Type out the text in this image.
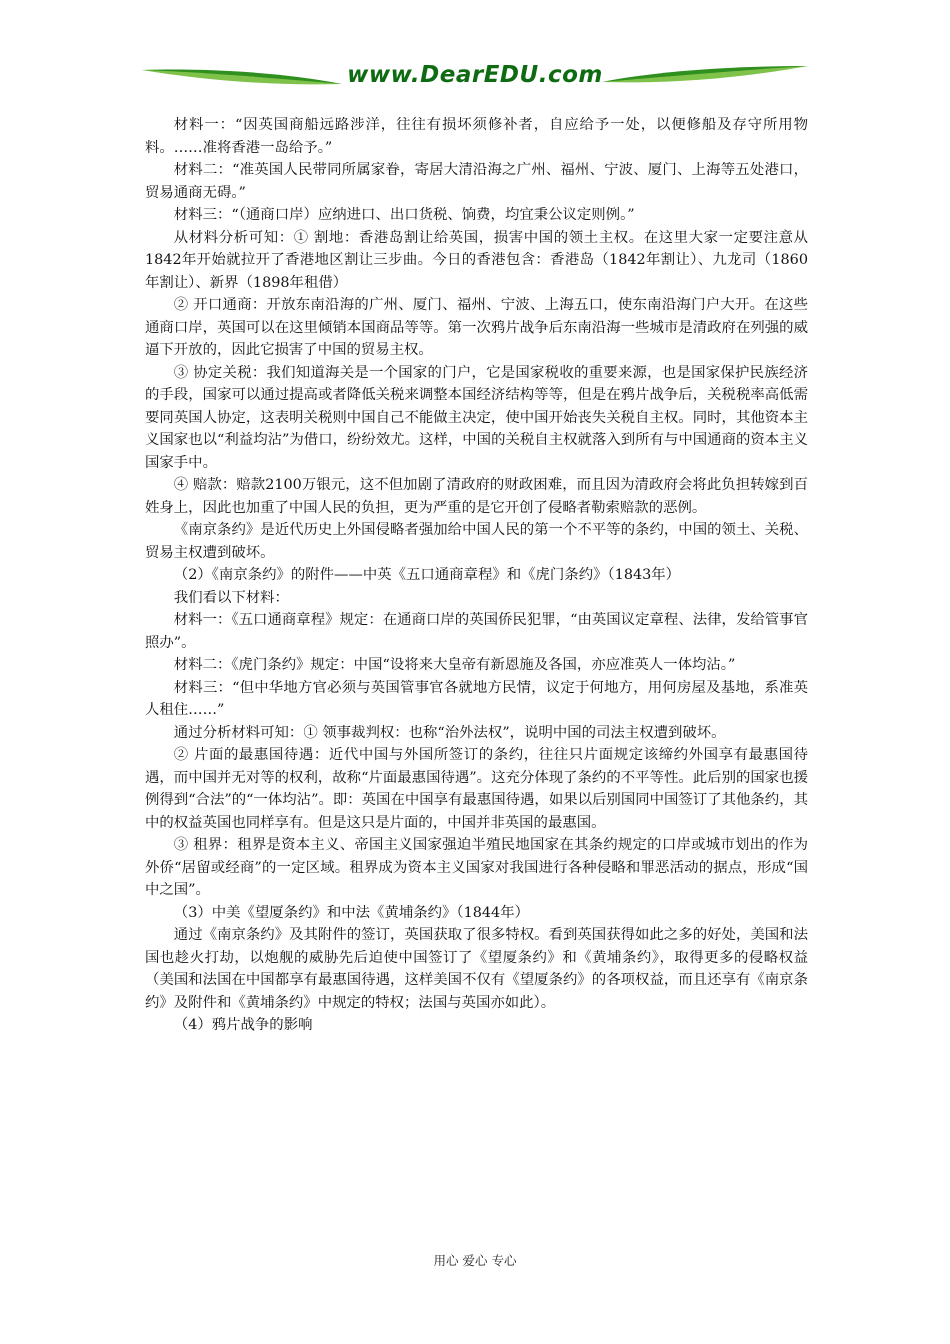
www.DearEDU.com

材料一：“因英国商船远路涉洋，往往有损坏须修补者，自应给予一处，以便修船及存守所用物料。……准将香港一岛给予。”

材料二：“准英国人民带同所属家眷，寄居大清沿海之广州、福州、宁波、厦门、上海等五处港口，贸易通商无碍。”

材料三：“（通商口岸）应纳进口、出口货税、饷费，均宜秉公议定则例。”

从材料分析可知：① 割地：香港岛割让给英国，损害中国的领土主权。在这里大家一定要注意从1842年开始就拉开了香港地区割让三步曲。今日的香港包含：香港岛（1842年割让）、九龙司（1860年割让）、新界（1898年租借）

② 开口通商：开放东南沿海的广州、厦门、福州、宁波、上海五口，使东南沿海门户大开。在这些通商口岸，英国可以在这里倾销本国商品等等。第一次鸦片战争后东南沿海一些城市是清政府在列强的威逼下开放的，因此它损害了中国的贸易主权。

③ 协定关税：我们知道海关是一个国家的门户，它是国家税收的重要来源，也是国家保护民族经济的手段，国家可以通过提高或者降低关税来调整本国经济结构等等，但是在鸦片战争后，关税税率高低需要同英国人协定，这表明关税则中国自己不能做主决定，使中国开始丧失关税自主权。同时，其他资本主义国家也以“利益均沾”为借口，纷纷效尤。这样，中国的关税自主权就落入到所有与中国通商的资本主义国家手中。

④ 赔款：赔款2100万银元，这不但加剧了清政府的财政困难，而且因为清政府会将此负担转嫁到百姓身上，因此也加重了中国人民的负担，更为严重的是它开创了侵略者勒索赔款的恶例。

《南京条约》是近代历史上外国侵略者强加给中国人民的第一个不平等的条约，中国的领土、关税、贸易主权遭到破坏。

（2）《南京条约》的附件——中英《五口通商章程》和《虎门条约》（1843年）

我们看以下材料：

材料一：《五口通商章程》规定：在通商口岸的英国侨民犯罪，“由英国议定章程、法律，发给管事官照办”。

材料二：《虎门条约》规定：中国“设将来大皇帝有新恩施及各国，亦应准英人一体均沾。”

材料三：“但中华地方官必须与英国管事官各就地方民情，议定于何地方，用何房屋及基地，系准英人租住……”

通过分析材料可知：① 领事裁判权：也称“治外法权”，说明中国的司法主权遭到破坏。

② 片面的最惠国待遇：近代中国与外国所签订的条约，往往只片面规定该缔约外国享有最惠国待遇，而中国并无对等的权利，故称“片面最惠国待遇”。这充分体现了条约的不平等性。此后别的国家也援例得到“合法”的“一体均沾”。即：英国在中国享有最惠国待遇，如果以后别国同中国签订了其他条约，其中的权益英国也同样享有。但是这只是片面的，中国并非英国的最惠国。

③ 租界：租界是资本主义、帝国主义国家强迫半殖民地国家在其条约规定的口岸或城市划出的作为外侨“居留或经商”的一定区域。租界成为资本主义国家对我国进行各种侵略和罪恶活动的据点，形成“国中之国”。

（3）中美《望厦条约》和中法《黄埔条约》（1844年）

通过《南京条约》及其附件的签订，英国获取了很多特权。看到英国获得如此之多的好处，美国和法国也趁火打劫，以炮舰的威胁先后迫使中国签订了《望厦条约》和《黄埔条约》，取得更多的侵略权益（美国和法国在中国都享有最惠国待遇，这样美国不仅有《望厦条约》的各项权益，而且还享有《南京条约》及附件和《黄埔条约》中规定的特权；法国与英国亦如此）。

（4）鸦片战争的影响

用心 爱心 专心
